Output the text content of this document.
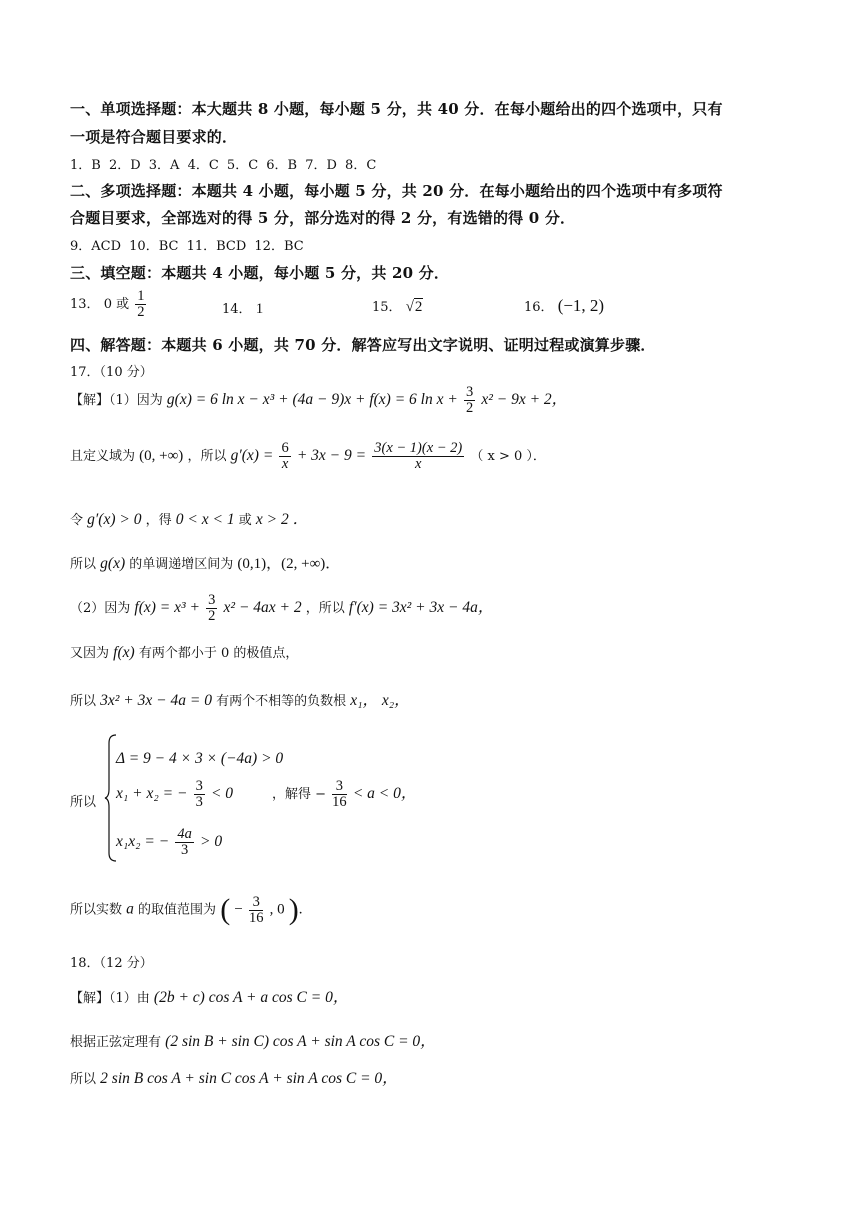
一、单项选择题：本大题共 8 小题，每小题 5 分，共 40 分．在每小题给出的四个选项中，只有
一项是符合题目要求的．
1．B 2．D 3．A 4．C 5．C 6．B 7．D 8．C
二、多项选择题：本题共 4 小题，每小题 5 分，共 20 分．在每小题给出的四个选项中有多项符
合题目要求，全部选对的得 5 分，部分选对的得 2 分，有选错的得 0 分．
9．ACD 10．BC 11．BCD 12．BC
三、填空题：本题共 4 小题，每小题 5 分，共 20 分．
13． 0 或 $\frac{1}{2}$	14． 1	15． √2	16． (−1, 2)
四、解答题：本题共 6 小题，共 70 分．解答应写出文字说明、证明过程或演算步骤．
17．（10 分）
【解】（1）因为 g(x) = 6 ln x − x³ + (4a − 9)x + f(x) = 6 $\ln x + \frac{3}{2} x^2 - 9x + 2$，
且定义域为 (0, +∞) ，所以 $g'(x) = \frac{6}{x} + 3x - 9 = \frac{3(x - 1)(x - 2)}{x}$ （ x > 0 ）．
令 g′(x) > 0 ，得 0 < x < 1 或 x > 2 ．
所以 g(x) 的单调递增区间为 (0,1)，(2, +∞)．
（2）因为 $f(x) = x^3 + \frac{3}{2} x^2 - 4ax + 2$ ，所以 f′(x) = 3x² + 3x − 4a，
又因为 f(x) 有两个都小于 0 的极值点，
所以 3x² + 3x − 4a = 0 有两个不相等的负数根 x₁， x₂，
所以
Δ = 9 − 4 × 3 × (−4a) > 0
x₁ + x₂ = − $\frac{3}{3} < 0$
x₁x₂ = − $\frac{4a}{3} > 0$
，解得 − $\frac{3}{16} < a < 0$，
所以实数 a 的取值范围为 ( − $\frac{3}{16}$ , 0 ).
18．（12 分）
【解】（1）由 (2b + c) cos A + a cos C = 0，
根据正弦定理有 (2 sin B + sin C) cos A + sin A cos C = 0，
所以 2 sin B cos A + sin C cos A + sin A cos C = 0，
